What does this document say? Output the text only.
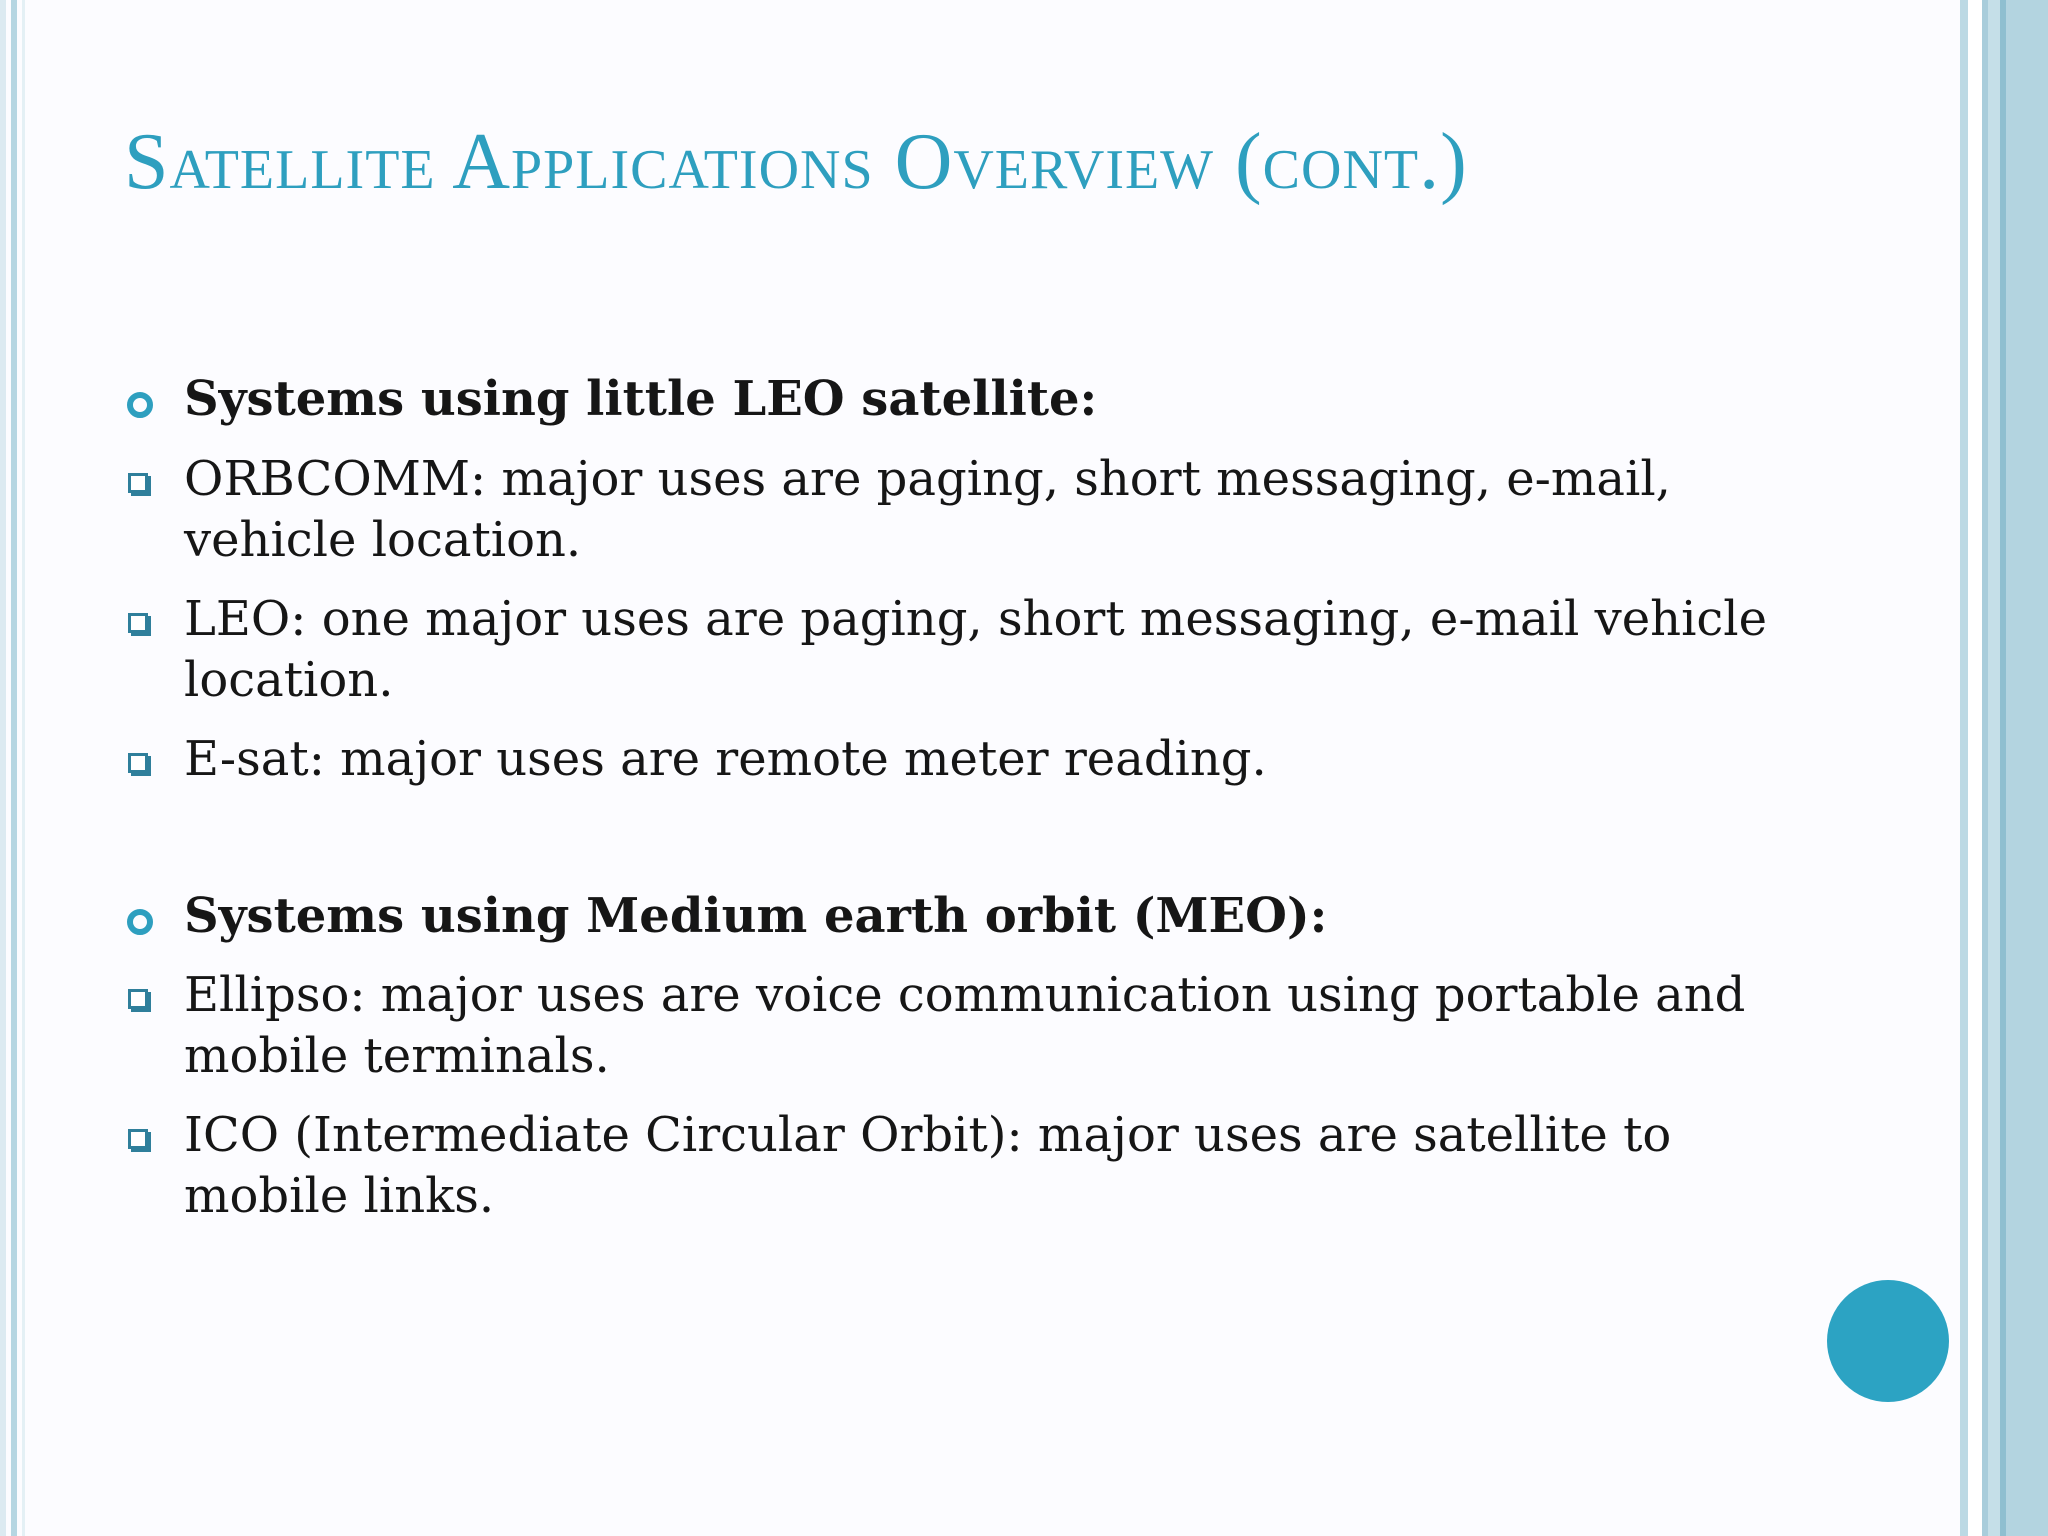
Satellite Applications Overview (cont.)
Systems using little LEO satellite:
ORBCOMM: major uses are paging, short messaging, e-mail, vehicle location.
LEO: one major uses are paging, short messaging, e-mail vehicle location.
E-sat: major uses are remote meter reading.
Systems using Medium earth orbit (MEO):
Ellipso: major uses are voice communication using portable and mobile terminals.
ICO (Intermediate Circular Orbit): major uses are satellite to mobile links.
